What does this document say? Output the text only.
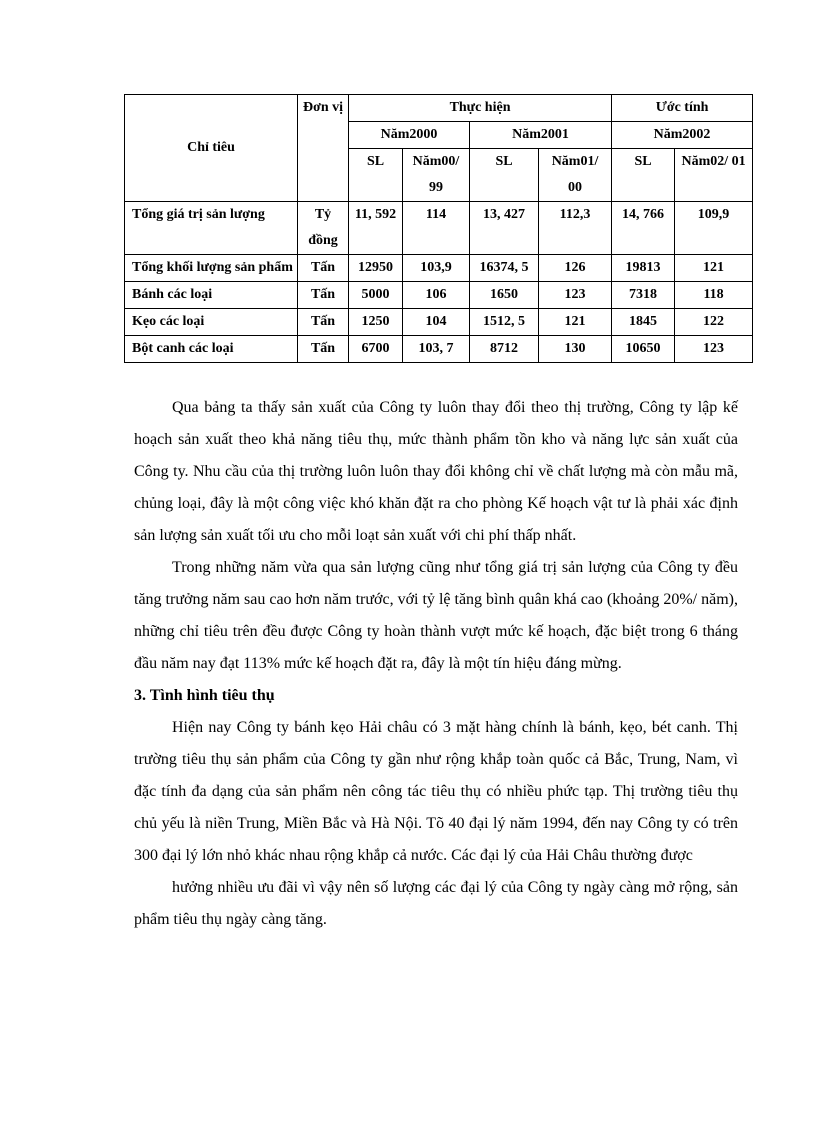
Chỉ tiêu	Đơn vị	Thực hiện				Ước tính	
		Năm2000		Năm2001		Năm2002	
		SL	Năm00/ 99	SL	Năm01/ 00	SL	Năm02/ 01
Tổng giá trị sản lượng	Tỷ đồng	11, 592	114	13, 427	112,3	14, 766	109,9
Tổng khối lượng sản phẩm	Tấn	12950	103,9	16374, 5	126	19813	121
Bánh các loại	Tấn	5000	106	1650	123	7318	118
Kẹo các loại	Tấn	1250	104	1512, 5	121	1845	122
Bột canh các loại	Tấn	6700	103, 7	8712	130	10650	123

Qua bảng ta thấy sản xuất của Công ty luôn thay đổi theo thị trường, Công ty lập kế hoạch sản xuất theo khả năng tiêu thụ, mức thành phẩm tồn kho và năng lực sản xuất của Công ty. Nhu cầu của thị trường luôn luôn thay đổi không chỉ về chất lượng mà còn mẫu mã, chủng loại, đây là một công việc khó khăn đặt ra cho phòng Kế hoạch vật tư là phải xác định sản lượng sản xuất tối ưu cho mỗi loạt sản xuất với chi phí thấp nhất.

Trong những năm vừa qua sản lượng cũng như tổng giá trị sản lượng của Công ty đều tăng trưởng năm sau cao hơn năm trước, với tỷ lệ tăng bình quân khá cao (khoảng 20%/ năm), những chỉ tiêu trên đều được Công ty hoàn thành vượt mức kế hoạch, đặc biệt trong 6 tháng đầu năm nay đạt 113% mức kế hoạch đặt ra, đây là một tín hiệu đáng mừng.

3. Tình hình tiêu thụ

Hiện nay Công ty bánh kẹo Hải châu có 3 mặt hàng chính là bánh, kẹo, bét canh. Thị trường tiêu thụ sản phẩm của Công ty gần như rộng khắp toàn quốc cả Bắc, Trung, Nam, vì đặc tính đa dạng của sản phẩm nên công tác tiêu thụ có nhiều phức tạp. Thị trường tiêu thụ chủ yếu là niền Trung, Miền Bắc và Hà Nội. Tõ 40 đại lý năm 1994, đến nay Công ty có trên 300 đại lý lớn nhỏ khác nhau rộng khắp cả nước. Các đại lý của Hải Châu thường được

hưởng nhiều ưu đãi vì vậy nên số lượng các đại lý của Công ty ngày càng mở rộng, sản phẩm tiêu thụ ngày càng tăng.
